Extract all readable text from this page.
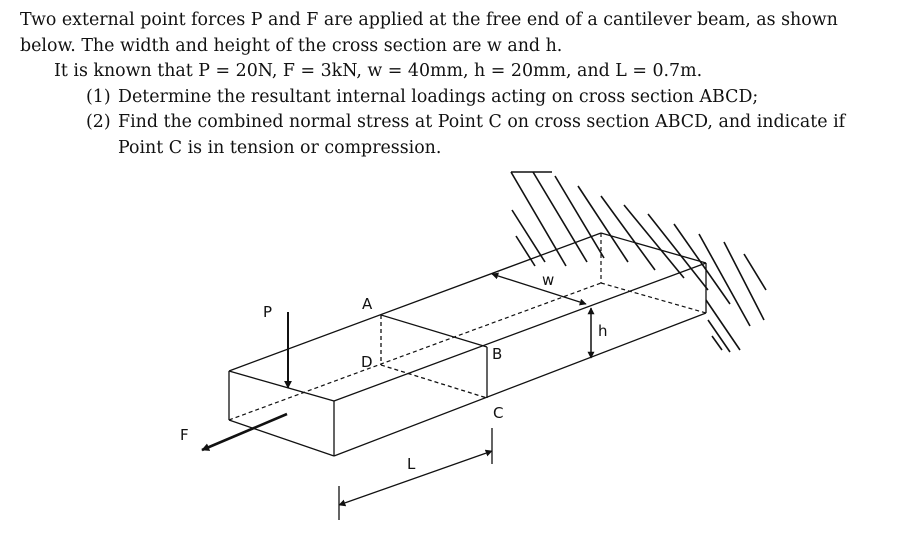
Two external point forces P and F are applied at the free end of a cantilever beam, as shown below. The width and height of the cross section are w and h.

It is known that P = 20N, F = 3kN, w = 40mm, h = 20mm, and L = 0.7m.

(1) Determine the resultant internal loadings acting on cross section ABCD;
(2) Find the combined normal stress at Point C on cross section ABCD, and indicate if Point C is in tension or compression.
P
F
A
D	B
C
w
h
L
